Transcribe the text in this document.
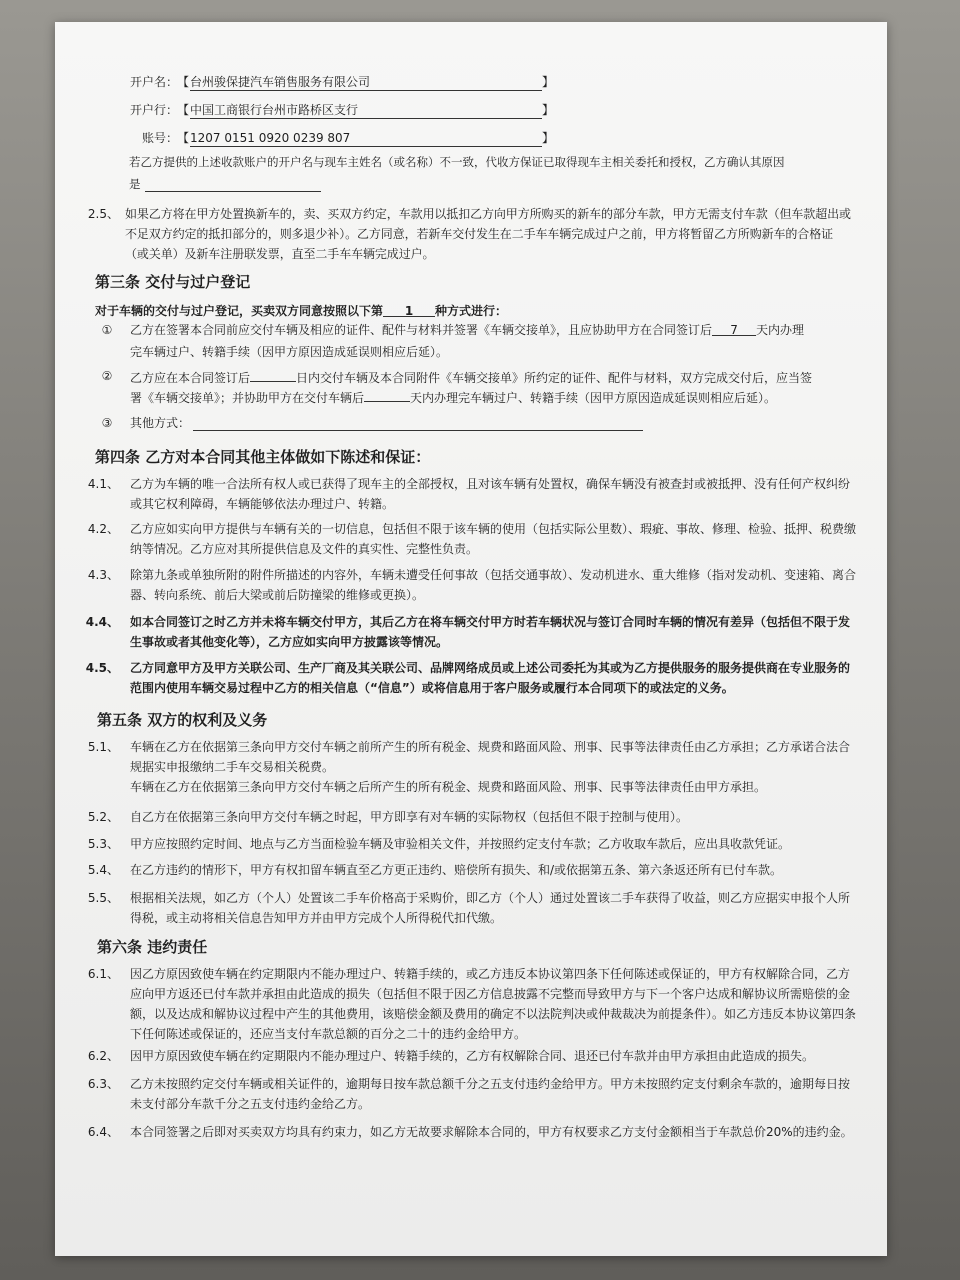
开户名： 【 台州骏保捷汽车销售服务有限公司	】
开户行： 【 中国工商银行台州市路桥区支行	】
账号： 【 1207 0151 0920 0239 807	】
若乙方提供的上述收款账户的开户名与现车主姓名（或名称）不一致，代收方保证已取得现车主相关委托和授权，乙方确认其原因
是
2.5、 如果乙方将在甲方处置换新车的，卖、买双方约定，车款用以抵扣乙方向甲方所购买的新车的部分车款，甲方无需支付车款（但车款超出或不足双方约定的抵扣部分的，则多退少补）。乙方同意，若新车交付发生在二手车车辆完成过户之前，甲方将暂留乙方所购新车的合格证（或关单）及新车注册联发票，直至二手车车辆完成过户。
第三条 交付与过户登记
对于车辆的交付与过户登记，买卖双方同意按照以下第 1 种方式进行：
①	乙方在签署本合同前应交付车辆及相应的证件、配件与材料并签署《车辆交接单》，且应协助甲方在合同签订后 7 天内办理
完车辆过户、转籍手续（因甲方原因造成延误则相应后延）。
②	乙方应在本合同签订后	日内交付车辆及本合同附件《车辆交接单》所约定的证件、配件与材料，双方完成交付后，应当签
署《车辆交接单》；并协助甲方在交付车辆后	天内办理完车辆过户、转籍手续（因甲方原因造成延误则相应后延）。
③	其他方式：
第四条 乙方对本合同其他主体做如下陈述和保证：
4.1、 乙方为车辆的唯一合法所有权人或已获得了现车主的全部授权，且对该车辆有处置权，确保车辆没有被查封或被抵押、没有任何产权纠纷或其它权利障碍，车辆能够依法办理过户、转籍。
4.2、 乙方应如实向甲方提供与车辆有关的一切信息，包括但不限于该车辆的使用（包括实际公里数）、瑕疵、事故、修理、检验、抵押、税费缴纳等情况。乙方应对其所提供信息及文件的真实性、完整性负责。
4.3、 除第九条或单独所附的附件所描述的内容外，车辆未遭受任何事故（包括交通事故）、发动机进水、重大维修（指对发动机、变速箱、离合器、转向系统、前后大梁或前后防撞梁的维修或更换）。
4.4、 如本合同签订之时乙方并未将车辆交付甲方，其后乙方在将车辆交付甲方时若车辆状况与签订合同时车辆的情况有差异（包括但不限于发生事故或者其他变化等），乙方应如实向甲方披露该等情况。
4.5、 乙方同意甲方及甲方关联公司、生产厂商及其关联公司、品牌网络成员或上述公司委托为其或为乙方提供服务的服务提供商在专业服务的范围内使用车辆交易过程中乙方的相关信息（“信息”）或将信息用于客户服务或履行本合同项下的或法定的义务。
第五条 双方的权利及义务
5.1、 车辆在乙方在依据第三条向甲方交付车辆之前所产生的所有税金、规费和路面风险、刑事、民事等法律责任由乙方承担；乙方承诺合法合规据实申报缴纳二手车交易相关税费。
车辆在乙方在依据第三条向甲方交付车辆之后所产生的所有税金、规费和路面风险、刑事、民事等法律责任由甲方承担。
5.2、 自乙方在依据第三条向甲方交付车辆之时起，甲方即享有对车辆的实际物权（包括但不限于控制与使用）。
5.3、 甲方应按照约定时间、地点与乙方当面检验车辆及审验相关文件，并按照约定支付车款；乙方收取车款后，应出具收款凭证。
5.4、 在乙方违约的情形下，甲方有权扣留车辆直至乙方更正违约、赔偿所有损失、和/或依据第五条、第六条返还所有已付车款。
5.5、 根据相关法规，如乙方（个人）处置该二手车价格高于采购价，即乙方（个人）通过处置该二手车获得了收益，则乙方应据实申报个人所得税，或主动将相关信息告知甲方并由甲方完成个人所得税代扣代缴。
第六条 违约责任
6.1、 因乙方原因致使车辆在约定期限内不能办理过户、转籍手续的，或乙方违反本协议第四条下任何陈述或保证的，甲方有权解除合同，乙方应向甲方返还已付车款并承担由此造成的损失（包括但不限于因乙方信息披露不完整而导致甲方与下一个客户达成和解协议所需赔偿的金额，以及达成和解协议过程中产生的其他费用，该赔偿金额及费用的确定不以法院判决或仲裁裁决为前提条件）。如乙方违反本协议第四条下任何陈述或保证的，还应当支付车款总额的百分之二十的违约金给甲方。
6.2、 因甲方原因致使车辆在约定期限内不能办理过户、转籍手续的，乙方有权解除合同、退还已付车款并由甲方承担由此造成的损失。
6.3、 乙方未按照约定交付车辆或相关证件的，逾期每日按车款总额千分之五支付违约金给甲方。甲方未按照约定支付剩余车款的，逾期每日按未支付部分车款千分之五支付违约金给乙方。
6.4、 本合同签署之后即对买卖双方均具有约束力，如乙方无故要求解除本合同的，甲方有权要求乙方支付金额相当于车款总价20%的违约金。
